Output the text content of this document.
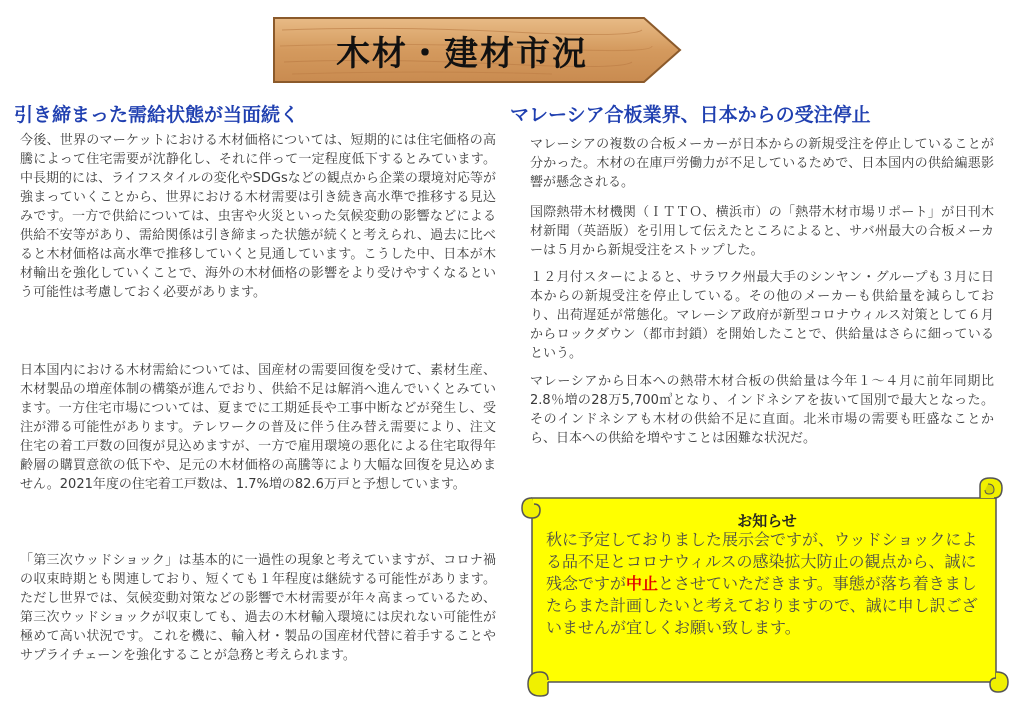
木材・建材市況
引き締まった需給状態が当面続く

今後、世界のマーケットにおける木材価格については、短期的には住宅価格の高騰によって住宅需要が沈静化し、それに伴って一定程度低下するとみています。中長期的には、ライフスタイルの変化やSDGsなどの観点から企業の環境対応等が強まっていくことから、世界における木材需要は引き続き高水準で推移する見込みです。一方で供給については、虫害や火災といった気候変動の影響などによる供給不安等があり、需給関係は引き締まった状態が続くと考えられ、過去に比べると木材価格は高水準で推移していくと見通しています。こうした中、日本が木材輸出を強化していくことで、海外の木材価格の影響をより受けやすくなるという可能性は考慮しておく必要があります。

日本国内における木材需給については、国産材の需要回復を受けて、素材生産、木材製品の増産体制の構築が進んでおり、供給不足は解消へ進んでいくとみています。一方住宅市場については、夏までに工期延長や工事中断などが発生し、受注が滞る可能性があります。テレワークの普及に伴う住み替え需要により、注文住宅の着工戸数の回復が見込めますが、一方で雇用環境の悪化による住宅取得年齢層の購買意欲の低下や、足元の木材価格の高騰等により大幅な回復を見込めません。2021年度の住宅着工戸数は、1.7%増の82.6万戸と予想しています。

「第三次ウッドショック」は基本的に一過性の現象と考えていますが、コロナ禍の収束時期とも関連しており、短くても１年程度は継続する可能性があります。ただし世界では、気候変動対策などの影響で木材需要が年々高まっているため、第三次ウッドショックが収束しても、過去の木材輸入環境には戻れない可能性が極めて高い状況です。これを機に、輸入材・製品の国産材代替に着手することやサプライチェーンを強化することが急務と考えられます。

マレーシア合板業界、日本からの受注停止

マレーシアの複数の合板メーカーが日本からの新規受注を停止していることが分かった。木材の在庫戸労働力が不足しているためで、日本国内の供給編悪影響が懸念される。

国際熱帯木材機関（ＩＴＴＯ、横浜市）の「熱帯木材市場リポート」が日刊木材新聞（英語版）を引用して伝えたところによると、サバ州最大の合板メーカーは５月から新規受注をストップした。

１２月付スターによると、サラワク州最大手のシンヤン・グループも３月に日本からの新規受注を停止している。その他のメーカーも供給量を減らしており、出荷遅延が常態化。マレーシア政府が新型コロナウィルス対策として６月からロックダウン（都市封鎖）を開始したことで、供給量はさらに細っているという。

マレーシアから日本への熱帯木材合板の供給量は今年１～４月に前年同期比2.8％増の28万5,700㎥となり、インドネシアを抜いて国別で最大となった。そのインドネシアも木材の供給不足に直面。北米市場の需要も旺盛なことから、日本への供給を増やすことは困難な状況だ。

お知らせ

秋に予定しておりました展示会ですが、ウッドショックによる品不足とコロナウィルスの感染拡大防止の観点から、誠に残念ですが中止とさせていただきます。事態が落ち着きましたらまた計画したいと考えておりますので、誠に申し訳ございませんが宜しくお願い致します。
